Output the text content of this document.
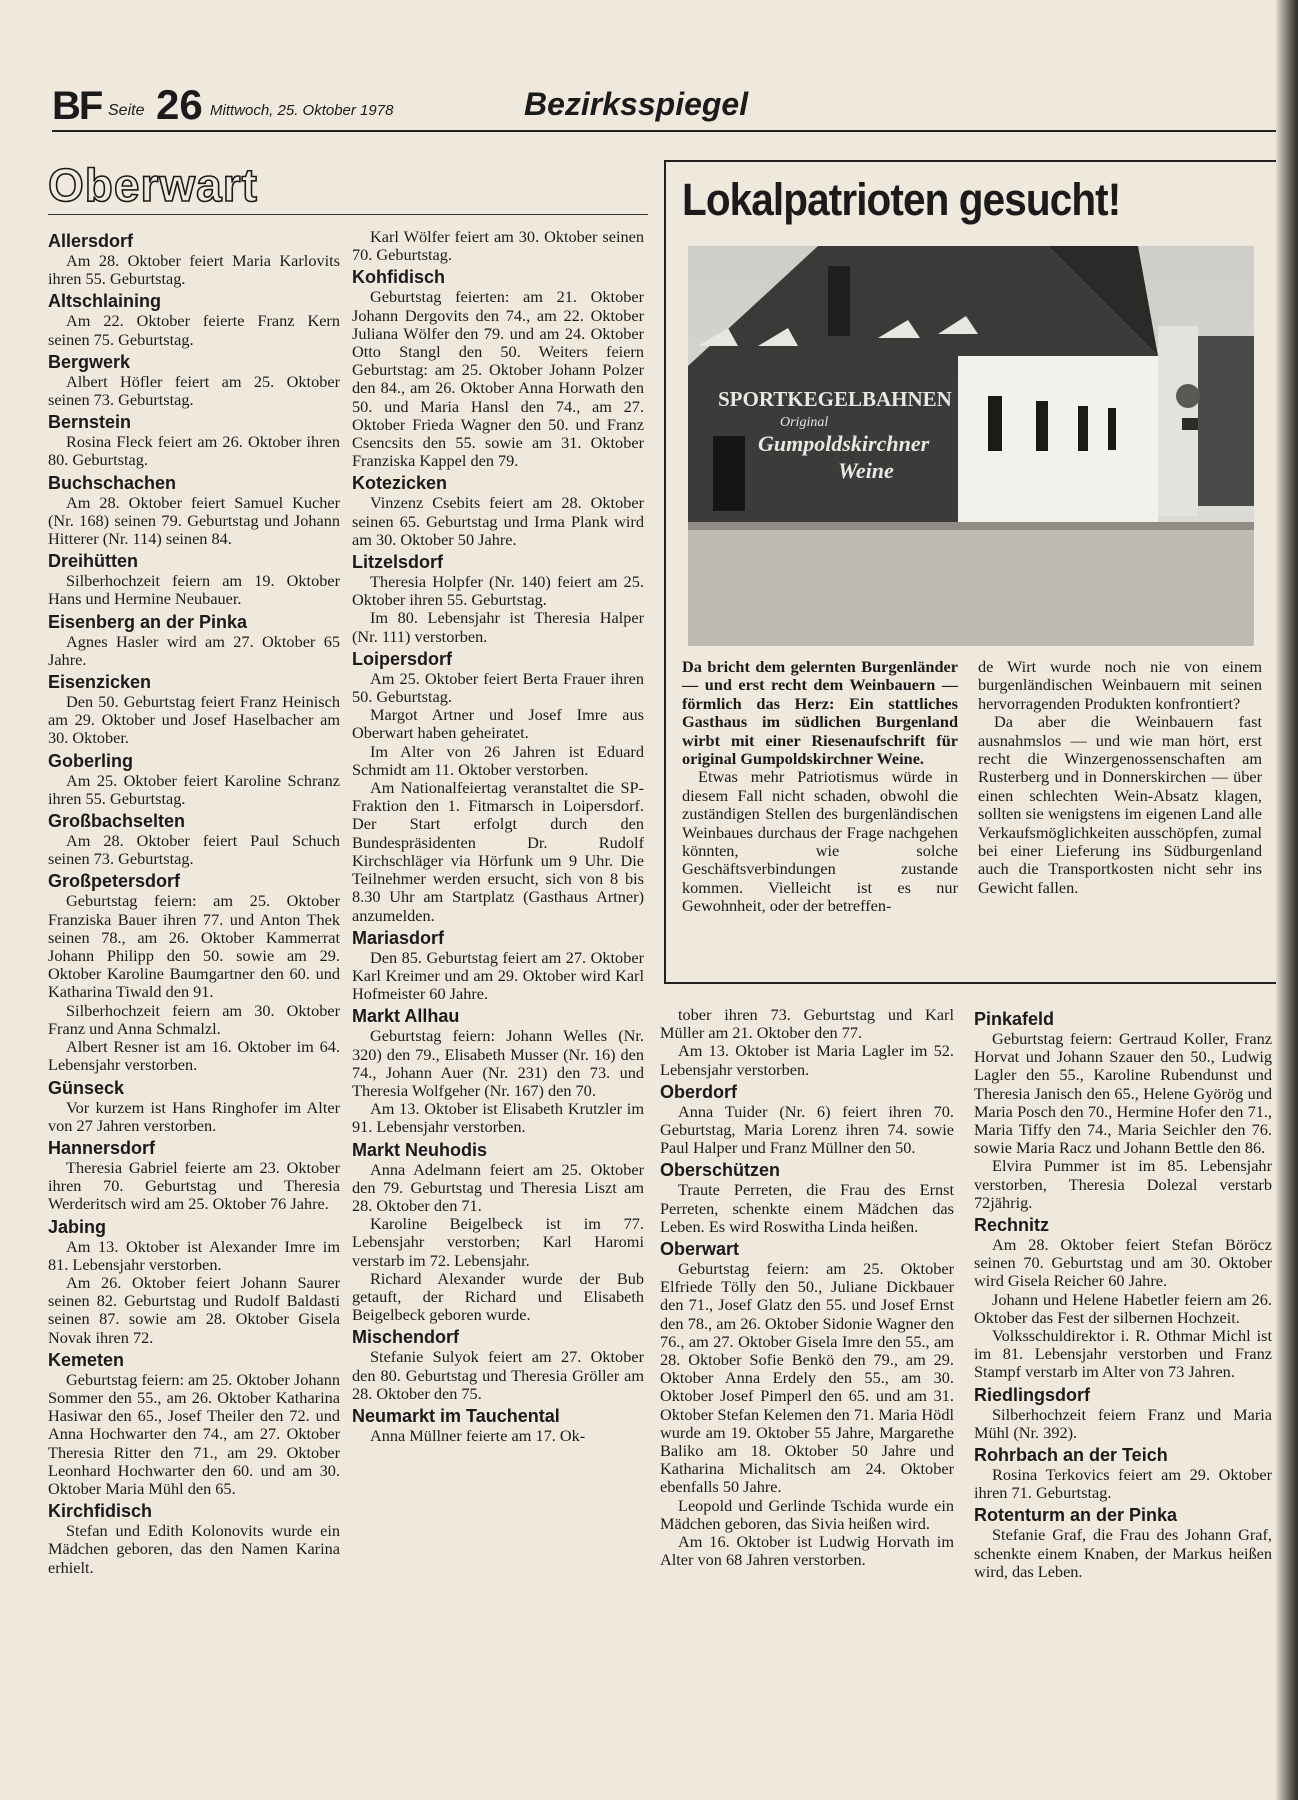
BF Seite 26 Mittwoch, 25. Oktober 1978	Bezirksspiegel
Oberwart
Allersdorf

Am 28. Oktober feiert Maria Karlovits ihren 55. Geburtstag.

Altschlaining

Am 22. Oktober feierte Franz Kern seinen 75. Geburtstag.

Bergwerk

Albert Höfler feiert am 25. Oktober seinen 73. Geburtstag.

Bernstein

Rosina Fleck feiert am 26. Oktober ihren 80. Geburtstag.

Buchschachen

Am 28. Oktober feiert Samuel Kucher (Nr. 168) seinen 79. Geburtstag und Johann Hitterer (Nr. 114) seinen 84.

Dreihütten

Silberhochzeit feiern am 19. Oktober Hans und Hermine Neubauer.

Eisenberg an der Pinka

Agnes Hasler wird am 27. Oktober 65 Jahre.

Eisenzicken

Den 50. Geburtstag feiert Franz Heinisch am 29. Oktober und Josef Haselbacher am 30. Oktober.

Goberling

Am 25. Oktober feiert Karoline Schranz ihren 55. Geburtstag.

Großbachselten

Am 28. Oktober feiert Paul Schuch seinen 73. Geburtstag.

Großpetersdorf

Geburtstag feiern: am 25. Oktober Franziska Bauer ihren 77. und Anton Thek seinen 78., am 26. Oktober Kammerrat Johann Philipp den 50. sowie am 29. Oktober Karoline Baumgartner den 60. und Katharina Tiwald den 91.

Silberhochzeit feiern am 30. Oktober Franz und Anna Schmalzl.

Albert Resner ist am 16. Oktober im 64. Lebensjahr verstorben.

Günseck

Vor kurzem ist Hans Ringhofer im Alter von 27 Jahren verstorben.

Hannersdorf

Theresia Gabriel feierte am 23. Oktober ihren 70. Geburtstag und Theresia Werderitsch wird am 25. Oktober 76 Jahre.

Jabing

Am 13. Oktober ist Alexander Imre im 81. Lebensjahr verstorben.

Am 26. Oktober feiert Johann Saurer seinen 82. Geburtstag und Rudolf Baldasti seinen 87. sowie am 28. Oktober Gisela Novak ihren 72.

Kemeten

Geburtstag feiern: am 25. Oktober Johann Sommer den 55., am 26. Oktober Katharina Hasiwar den 65., Josef Theiler den 72. und Anna Hochwarter den 74., am 27. Oktober Theresia Ritter den 71., am 29. Oktober Leonhard Hochwarter den 60. und am 30. Oktober Maria Mühl den 65.

Kirchfidisch

Stefan und Edith Kolonovits wurde ein Mädchen geboren, das den Namen Karina erhielt.

Karl Wölfer feiert am 30. Oktober seinen 70. Geburtstag.

Kohfidisch

Geburtstag feierten: am 21. Oktober Johann Dergovits den 74., am 22. Oktober Juliana Wölfer den 79. und am 24. Oktober Otto Stangl den 50. Weiters feiern Geburtstag: am 25. Oktober Johann Polzer den 84., am 26. Oktober Anna Horwath den 50. und Maria Hansl den 74., am 27. Oktober Frieda Wagner den 50. und Franz Csencsits den 55. sowie am 31. Oktober Franziska Kappel den 79.

Kotezicken

Vinzenz Csebits feiert am 28. Oktober seinen 65. Geburtstag und Irma Plank wird am 30. Oktober 50 Jahre.

Litzelsdorf

Theresia Holpfer (Nr. 140) feiert am 25. Oktober ihren 55. Geburtstag.

Im 80. Lebensjahr ist Theresia Halper (Nr. 111) verstorben.

Loipersdorf

Am 25. Oktober feiert Berta Frauer ihren 50. Geburtstag.

Margot Artner und Josef Imre aus Oberwart haben geheiratet.

Im Alter von 26 Jahren ist Eduard Schmidt am 11. Oktober verstorben.

Am Nationalfeiertag veranstaltet die SP-Fraktion den 1. Fitmarsch in Loipersdorf. Der Start erfolgt durch den Bundespräsidenten Dr. Rudolf Kirchschläger via Hörfunk um 9 Uhr. Die Teilnehmer werden ersucht, sich von 8 bis 8.30 Uhr am Startplatz (Gasthaus Artner) anzumelden.

Mariasdorf

Den 85. Geburtstag feiert am 27. Oktober Karl Kreimer und am 29. Oktober wird Karl Hofmeister 60 Jahre.

Markt Allhau

Geburtstag feiern: Johann Welles (Nr. 320) den 79., Elisabeth Musser (Nr. 16) den 74., Johann Auer (Nr. 231) den 73. und Theresia Wolfgeher (Nr. 167) den 70.

Am 13. Oktober ist Elisabeth Krutzler im 91. Lebensjahr verstorben.

Markt Neuhodis

Anna Adelmann feiert am 25. Oktober den 79. Geburtstag und Theresia Liszt am 28. Oktober den 71.

Karoline Beigelbeck ist im 77. Lebensjahr verstorben; Karl Haromi verstarb im 72. Lebensjahr.

Richard Alexander wurde der Bub getauft, der Richard und Elisabeth Beigelbeck geboren wurde.

Mischendorf

Stefanie Sulyok feiert am 27. Oktober den 80. Geburtstag und Theresia Gröller am 28. Oktober den 75.

Neumarkt im Tauchental

Anna Müllner feierte am 17. Ok-

Lokalpatrioten gesucht!
SPORTKEGELBAHNEN
Original
Gumpoldskirchner
Weine

Da bricht dem gelernten Burgenländer — und erst recht dem Weinbauern — förmlich das Herz: Ein stattliches Gasthaus im südlichen Burgenland wirbt mit einer Riesenaufschrift für original Gumpoldskirchner Weine.

Etwas mehr Patriotismus würde in diesem Fall nicht schaden, obwohl die zuständigen Stellen des burgenländischen Weinbaues durchaus der Frage nachgehen könnten, wie solche Geschäftsverbindungen zustande kommen. Vielleicht ist es nur Gewohnheit, oder der betreffen-

de Wirt wurde noch nie von einem burgenländischen Weinbauern mit seinen hervorragenden Produkten konfrontiert?

Da aber die Weinbauern fast ausnahmslos — und wie man hört, erst recht die Winzergenossenschaften am Rusterberg und in Donnerskirchen — über einen schlechten Wein-Absatz klagen, sollten sie wenigstens im eigenen Land alle Verkaufsmöglichkeiten ausschöpfen, zumal bei einer Lieferung ins Südburgenland auch die Transportkosten nicht sehr ins Gewicht fallen.

tober ihren 73. Geburtstag und Karl Müller am 21. Oktober den 77.

Am 13. Oktober ist Maria Lagler im 52. Lebensjahr verstorben.

Oberdorf

Anna Tuider (Nr. 6) feiert ihren 70. Geburtstag, Maria Lorenz ihren 74. sowie Paul Halper und Franz Müllner den 50.

Oberschützen

Traute Perreten, die Frau des Ernst Perreten, schenkte einem Mädchen das Leben. Es wird Roswitha Linda heißen.

Oberwart

Geburtstag feiern: am 25. Oktober Elfriede Tölly den 50., Juliane Dickbauer den 71., Josef Glatz den 55. und Josef Ernst den 78., am 26. Oktober Sidonie Wagner den 76., am 27. Oktober Gisela Imre den 55., am 28. Oktober Sofie Benkö den 79., am 29. Oktober Anna Erdely den 55., am 30. Oktober Josef Pimperl den 65. und am 31. Oktober Stefan Kelemen den 71. Maria Hödl wurde am 19. Oktober 55 Jahre, Margarethe Baliko am 18. Oktober 50 Jahre und Katharina Michalitsch am 24. Oktober ebenfalls 50 Jahre.

Leopold und Gerlinde Tschida wurde ein Mädchen geboren, das Sivia heißen wird.

Am 16. Oktober ist Ludwig Horvath im Alter von 68 Jahren verstorben.

Pinkafeld

Geburtstag feiern: Gertraud Koller, Franz Horvat und Johann Szauer den 50., Ludwig Lagler den 55., Karoline Rubendunst und Theresia Janisch den 65., Helene Györög und Maria Posch den 70., Hermine Hofer den 71., Maria Tiffy den 74., Maria Seichler den 76. sowie Maria Racz und Johann Bettle den 86.

Elvira Pummer ist im 85. Lebensjahr verstorben, Theresia Dolezal verstarb 72jährig.

Rechnitz

Am 28. Oktober feiert Stefan Böröcz seinen 70. Geburtstag und am 30. Oktober wird Gisela Reicher 60 Jahre.

Johann und Helene Habetler feiern am 26. Oktober das Fest der silbernen Hochzeit.

Volksschuldirektor i. R. Othmar Michl ist im 81. Lebensjahr verstorben und Franz Stampf verstarb im Alter von 73 Jahren.

Riedlingsdorf

Silberhochzeit feiern Franz und Maria Mühl (Nr. 392).

Rohrbach an der Teich

Rosina Terkovics feiert am 29. Oktober ihren 71. Geburtstag.

Rotenturm an der Pinka

Stefanie Graf, die Frau des Johann Graf, schenkte einem Knaben, der Markus heißen wird, das Leben.
